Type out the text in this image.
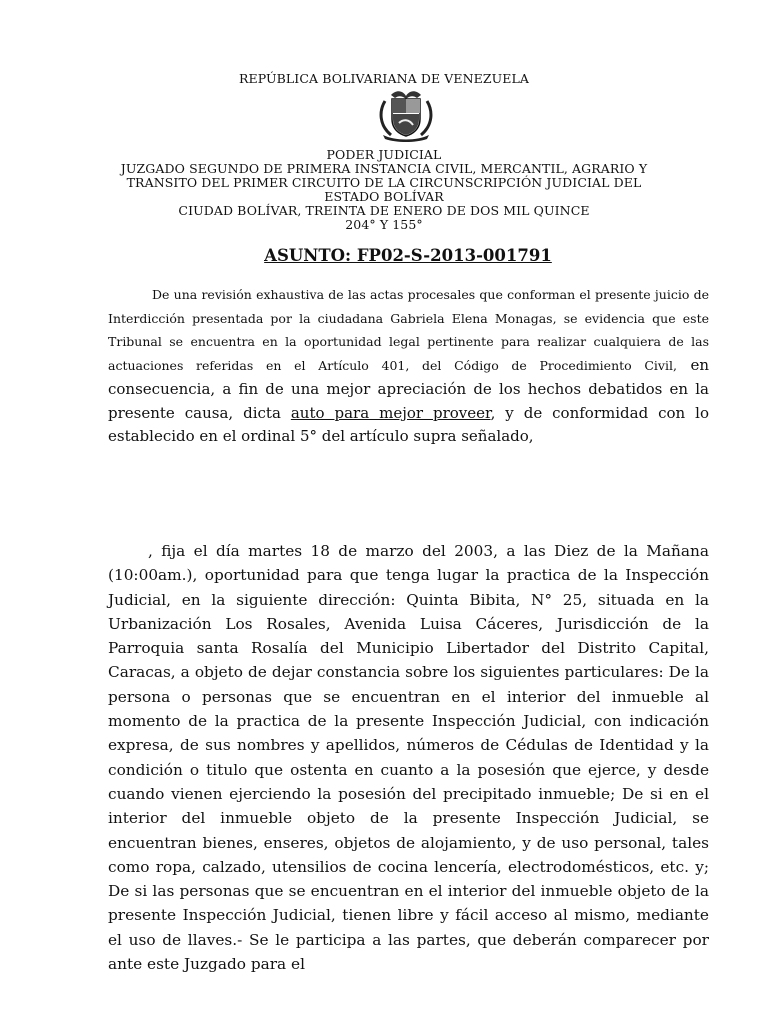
REPÚBLICA BOLIVARIANA DE VENEZUELA
PODER JUDICIAL
JUZGADO SEGUNDO DE PRIMERA INSTANCIA CIVIL, MERCANTIL, AGRARIO Y
TRANSITO DEL PRIMER CIRCUITO DE LA CIRCUNSCRIPCIÓN JUDICIAL DEL
ESTADO BOLÍVAR
CIUDAD BOLÍVAR, TREINTA DE ENERO DE DOS MIL QUINCE
204° Y 155°
ASUNTO: FP02-S-2013-001791
De una revisión exhaustiva de las actas procesales que conforman el presente juicio de Interdicción presentada por la ciudadana Gabriela Elena Monagas, se evidencia que este Tribunal se encuentra en la oportunidad legal pertinente para realizar cualquiera de las actuaciones referidas en el Artículo 401, del Código de Procedimiento Civil, en consecuencia, a fin de una mejor apreciación de los hechos debatidos en la presente causa, dicta auto para mejor proveer, y de conformidad con lo establecido en el ordinal 5° del artículo supra señalado,
, fija el día martes 18 de marzo del 2003, a las Diez de la Mañana (10:00am.), oportunidad para que tenga lugar la practica de la Inspección Judicial, en la siguiente dirección: Quinta Bibita, N° 25, situada en la Urbanización Los Rosales, Avenida Luisa Cáceres, Jurisdicción de la Parroquia santa Rosalía del Municipio Libertador del Distrito Capital, Caracas, a objeto de dejar constancia sobre los siguientes particulares: De la persona o personas que se encuentran en el interior del inmueble al momento de la practica de la presente Inspección Judicial, con indicación expresa, de sus nombres y apellidos, números de Cédulas de Identidad y la condición o titulo que ostenta en cuanto a la posesión que ejerce, y desde cuando vienen ejerciendo la posesión del precipitado inmueble; De si en el interior del inmueble objeto de la presente Inspección Judicial, se encuentran bienes, enseres, objetos de alojamiento, y de uso personal, tales como ropa, calzado, utensilios de cocina lencería, electrodomésticos, etc. y; De si las personas que se encuentran en el interior del inmueble objeto de la presente Inspección Judicial, tienen libre y fácil acceso al mismo, mediante el uso de llaves.- Se le participa a las partes, que deberán comparecer por ante este Juzgado para el
